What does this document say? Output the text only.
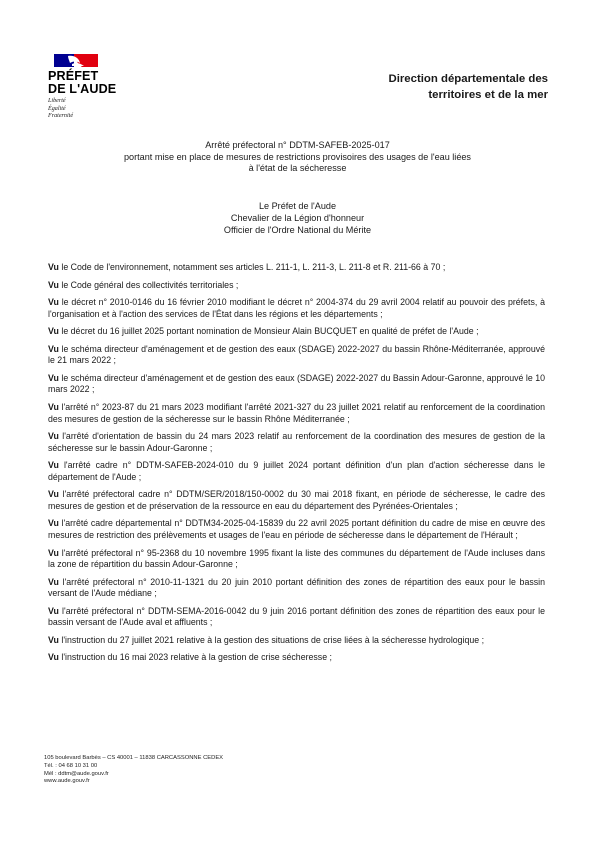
PRÉFET
DE L'AUDE
Liberté
Égalité
Fraternité
Direction départementale des
territoires et de la mer
Arrêté préfectoral n° DDTM-SAFEB-2025-017
portant mise en place de mesures de restrictions provisoires des usages de l'eau liées
à l'état de la sécheresse
Le Préfet de l'Aude
Chevalier de la Légion d'honneur
Officier de l'Ordre National du Mérite

Vu le Code de l'environnement, notamment ses articles L. 211-1, L. 211-3, L. 211-8 et R. 211-66 à 70 ;

Vu le Code général des collectivités territoriales ;

Vu le décret n° 2010-0146 du 16 février 2010 modifiant le décret n° 2004-374 du 29 avril 2004 relatif au pouvoir des préfets, à l'organisation et à l'action des services de l'État dans les régions et les départements ;

Vu le décret du 16 juillet 2025 portant nomination de Monsieur Alain BUCQUET en qualité de préfet de l'Aude ;

Vu le schéma directeur d'aménagement et de gestion des eaux (SDAGE) 2022-2027 du bassin Rhône-Méditerranée, approuvé le 21 mars 2022 ;

Vu le schéma directeur d'aménagement et de gestion des eaux (SDAGE) 2022-2027 du Bassin Adour-Garonne, approuvé le 10 mars 2022 ;

Vu l'arrêté n° 2023-87 du 21 mars 2023 modifiant l'arrêté 2021-327 du 23 juillet 2021 relatif au renforcement de la coordination des mesures de gestion de la sécheresse sur le bassin Rhône Méditerranée ;

Vu l'arrêté d'orientation de bassin du 24 mars 2023 relatif au renforcement de la coordination des mesures de gestion de la sécheresse sur le bassin Adour-Garonne ;

Vu l'arrêté cadre n° DDTM-SAFEB-2024-010 du 9 juillet 2024 portant définition d'un plan d'action sécheresse dans le département de l'Aude ;

Vu l'arrêté préfectoral cadre n° DDTM/SER/2018/150-0002 du 30 mai 2018 fixant, en période de sécheresse, le cadre des mesures de gestion et de préservation de la ressource en eau du département des Pyrénées-Orientales ;

Vu l'arrêté cadre départemental n° DDTM34-2025-04-15839 du 22 avril 2025 portant définition du cadre de mise en œuvre des mesures de restriction des prélèvements et usages de l'eau en période de sécheresse dans le département de l'Hérault ;

Vu l'arrêté préfectoral n° 95-2368 du 10 novembre 1995 fixant la liste des communes du département de l'Aude incluses dans la zone de répartition du bassin Adour-Garonne ;

Vu l'arrêté préfectoral n° 2010-11-1321 du 20 juin 2010 portant définition des zones de répartition des eaux pour le bassin versant de l'Aude médiane ;

Vu l'arrêté préfectoral n° DDTM-SEMA-2016-0042 du 9 juin 2016 portant définition des zones de répartition des eaux pour le bassin versant de l'Aude aval et affluents ;

Vu l'instruction du 27 juillet 2021 relative à la gestion des situations de crise liées à la sécheresse hydrologique ;

Vu l'instruction du 16 mai 2023 relative à la gestion de crise sécheresse ;

105 boulevard Barbès – CS 40001 – 11838 CARCASSONNE CEDEX
Tél. : 04 68 10 31 00
Mél : ddtm@aude.gouv.fr
www.aude.gouv.fr
